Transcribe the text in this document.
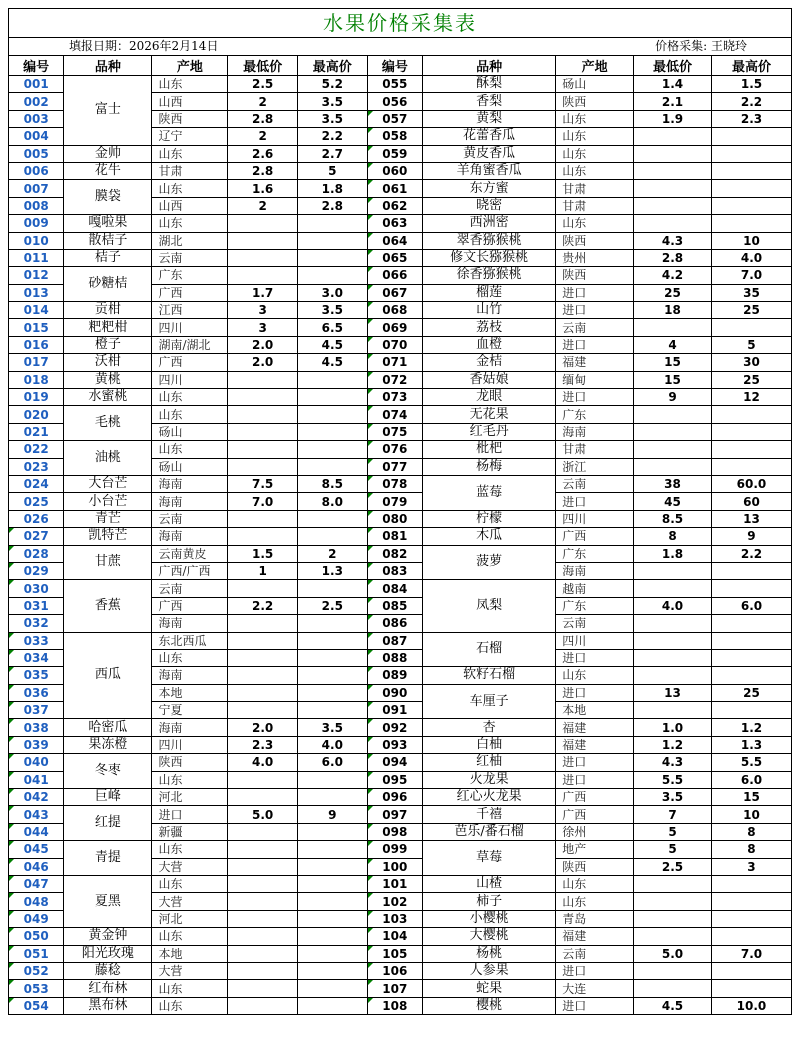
水果价格采集表
填报日期：2026年2月14日	价格采集: 王晓玲
编号	品种	产地	最低价	最高价	编号	品种	产地	最低价	最高价
001	富士	山东	2.5	5.2	055	酥梨	砀山	1.4	1.5
002		山西	2	3.5	056	香梨	陕西	2.1	2.2
003		陕西	2.8	3.5	057	黄梨	山东	1.9	2.3
004		辽宁	2	2.2	058	花蕾香瓜	山东		
005	金帅	山东	2.6	2.7	059	黄皮香瓜	山东		
006	花牛	甘肃	2.8	5	060	羊角蜜香瓜	山东		
007	膜袋	山东	1.6	1.8	061	东方蜜	甘肃		
008		山西	2	2.8	062	晓密	甘肃		
009	嘎啦果	山东			063	西洲密	山东		
010	散桔子	湖北			064	翠香猕猴桃	陕西	4.3	10
011	桔子	云南			065	修文长猕猴桃	贵州	2.8	4.0
012	砂糖桔	广东			066	徐香猕猴桃	陕西	4.2	7.0
013		广西	1.7	3.0	067	榴莲	进口	25	35
014	贡柑	江西	3	3.5	068	山竹	进口	18	25
015	粑粑柑	四川	3	6.5	069	荔枝	云南		
016	橙子	湖南/湖北	2.0	4.5	070	血橙	进口	4	5
017	沃柑	广西	2.0	4.5	071	金桔	福建	15	30
018	黄桃	四川			072	香姑娘	缅甸	15	25
019	水蜜桃	山东			073	龙眼	进口	9	12
020	毛桃	山东			074	无花果	广东		
021		砀山			075	红毛丹	海南		
022	油桃	山东			076	枇杷	甘肃		
023		砀山			077	杨梅	浙江		
024	大台芒	海南	7.5	8.5	078	蓝莓	云南	38	60.0
025	小台芒	海南	7.0	8.0	079		进口	45	60
026	青芒	云南			080	柠檬	四川	8.5	13
027	凯特芒	海南			081	木瓜	广西	8	9
028	甘蔗	云南黄皮	1.5	2	082	菠萝	广东	1.8	2.2
029		广西/广西	1	1.3	083		海南		
030	香蕉	云南			084	凤梨	越南		
031		广西	2.2	2.5	085		广东	4.0	6.0
032		海南			086		云南		
033	西瓜	东北西瓜			087	石榴	四川		
034		山东			088		进口		
035		海南			089	软籽石榴	山东		
036		本地			090	车厘子	进口	13	25
037		宁夏			091		本地		
038	哈密瓜	海南	2.0	3.5	092	杏	福建	1.0	1.2
039	果冻橙	四川	2.3	4.0	093	白柚	福建	1.2	1.3
040	冬枣	陕西	4.0	6.0	094	红柚	进口	4.3	5.5
041		山东			095	火龙果	进口	5.5	6.0
042	巨峰	河北			096	红心火龙果	广西	3.5	15
043	红提	进口	5.0	9	097	千禧	广西	7	10
044		新疆			098	芭乐/番石榴	徐州	5	8
045	青提	山东			099	草莓	地产	5	8
046		大营			100		陕西	2.5	3
047	夏黑	山东			101	山楂	山东		
048		大营			102	柿子	山东		
049		河北			103	小樱桃	青岛		
050	黄金钟	山东			104	大樱桃	福建		
051	阳光玫瑰	本地			105	杨桃	云南	5.0	7.0
052	藤稔	大营			106	人参果	进口		
053	红布林	山东			107	蛇果	大连		
054	黑布林	山东			108	樱桃	进口	4.5	10.0
